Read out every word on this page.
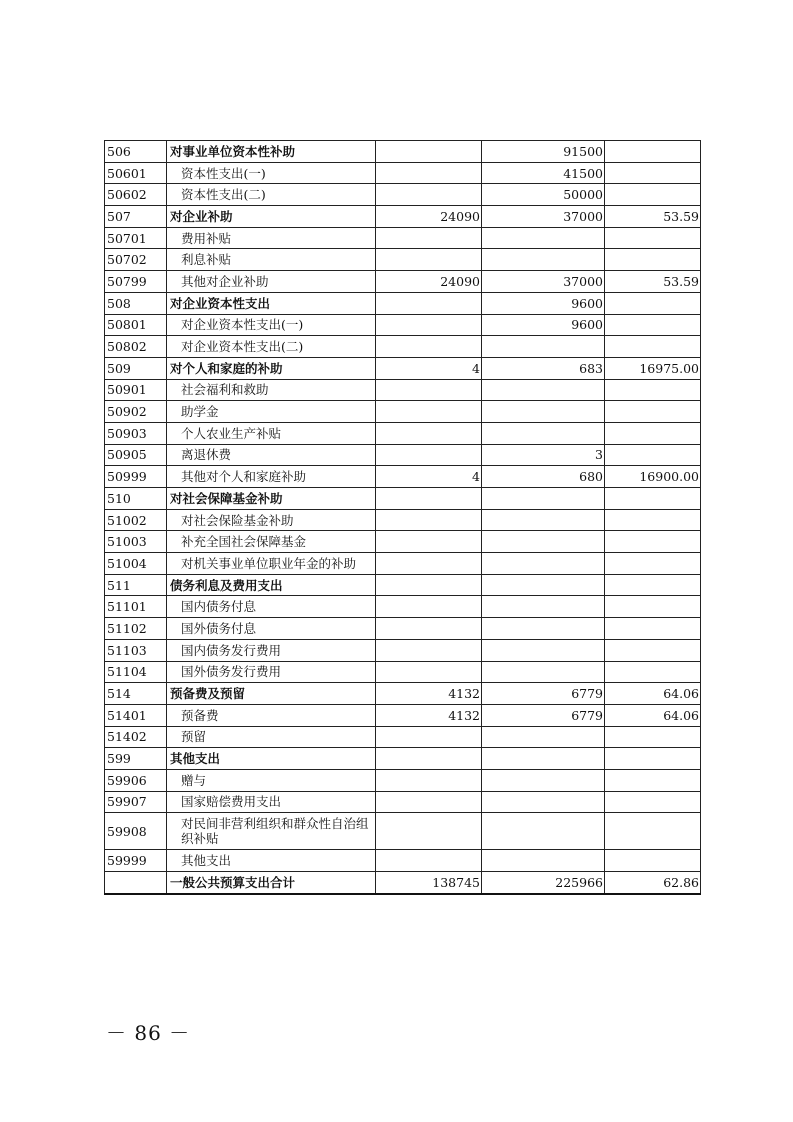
506	对事业单位资本性补助		91500	
50601	资本性支出(一)		41500	
50602	资本性支出(二)		50000	
507	对企业补助	24090	37000	53.59
50701	费用补贴			
50702	利息补贴			
50799	其他对企业补助	24090	37000	53.59
508	对企业资本性支出		9600	
50801	对企业资本性支出(一)		9600	
50802	对企业资本性支出(二)			
509	对个人和家庭的补助	4	683	16975.00
50901	社会福利和救助			
50902	助学金			
50903	个人农业生产补贴			
50905	离退休费		3	
50999	其他对个人和家庭补助	4	680	16900.00
510	对社会保障基金补助			
51002	对社会保险基金补助			
51003	补充全国社会保障基金			
51004	对机关事业单位职业年金的补助			
511	债务利息及费用支出			
51101	国内债务付息			
51102	国外债务付息			
51103	国内债务发行费用			
51104	国外债务发行费用			
514	预备费及预留	4132	6779	64.06
51401	预备费	4132	6779	64.06
51402	预留			
599	其他支出			
59906	赠与			
59907	国家赔偿费用支出			
59908	对民间非营利组织和群众性自治组织补贴			
59999	其他支出			
	一般公共预算支出合计	138745	225966	62.86
－ 86 －
